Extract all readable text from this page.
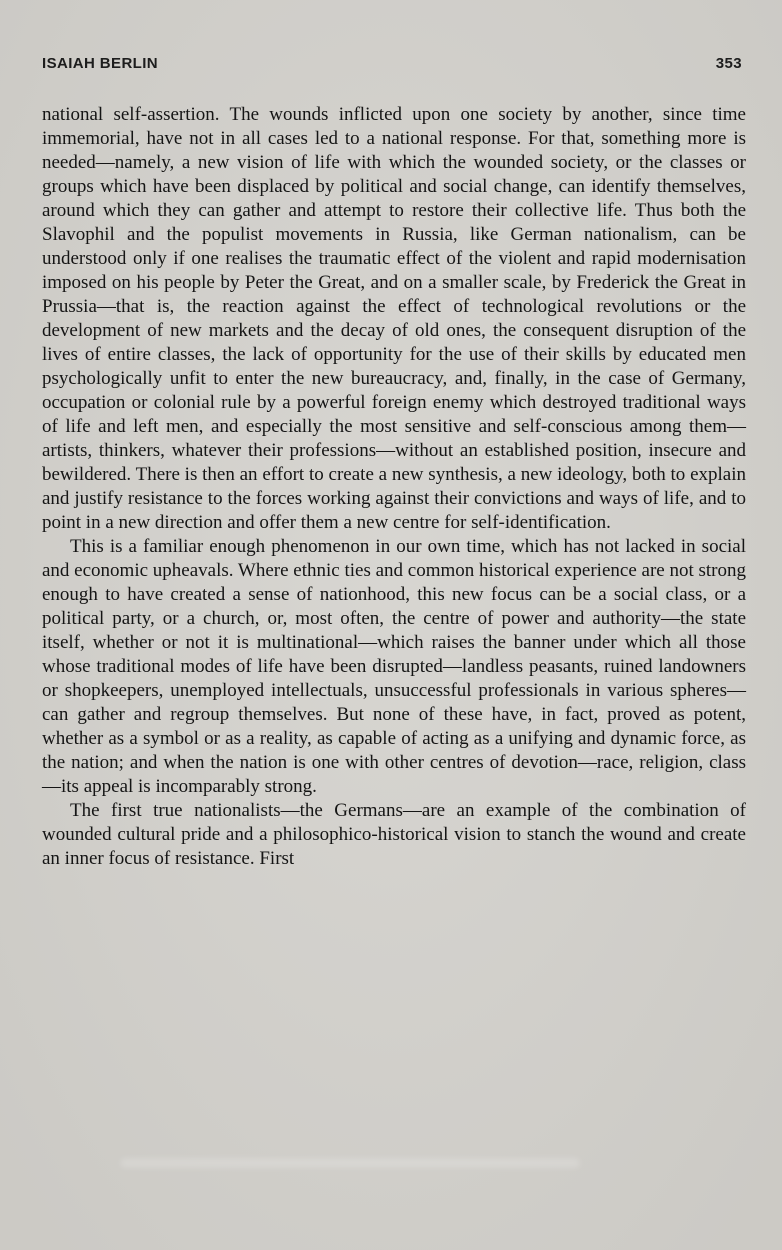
ISAIAH BERLIN	353

national self-assertion. The wounds inflicted upon one society by another, since time immemorial, have not in all cases led to a national response. For that, something more is needed—namely, a new vision of life with which the wounded society, or the classes or groups which have been displaced by political and social change, can identify themselves, around which they can gather and attempt to restore their collective life. Thus both the Slavophil and the populist movements in Russia, like German nationalism, can be understood only if one realises the traumatic effect of the violent and rapid modernisation imposed on his people by Peter the Great, and on a smaller scale, by Frederick the Great in Prussia—that is, the reaction against the effect of technological revolutions or the development of new markets and the decay of old ones, the consequent disruption of the lives of entire classes, the lack of opportunity for the use of their skills by educated men psychologically unfit to enter the new bureaucracy, and, finally, in the case of Germany, occupation or colonial rule by a powerful foreign enemy which destroyed traditional ways of life and left men, and especially the most sensitive and self-conscious among them—artists, thinkers, whatever their professions—without an established position, insecure and bewildered. There is then an effort to create a new synthesis, a new ideology, both to explain and justify resistance to the forces working against their convictions and ways of life, and to point in a new direction and offer them a new centre for self-identification.

This is a familiar enough phenomenon in our own time, which has not lacked in social and economic upheavals. Where ethnic ties and common historical experience are not strong enough to have created a sense of nationhood, this new focus can be a social class, or a political party, or a church, or, most often, the centre of power and authority—the state itself, whether or not it is multinational—which raises the banner under which all those whose traditional modes of life have been disrupted—landless peasants, ruined landowners or shopkeepers, unemployed intellectuals, unsuccessful professionals in various spheres—can gather and regroup themselves. But none of these have, in fact, proved as potent, whether as a symbol or as a reality, as capable of acting as a unifying and dynamic force, as the nation; and when the nation is one with other centres of devotion—race, religion, class—its appeal is incomparably strong.

The first true nationalists—the Germans—are an example of the combination of wounded cultural pride and a philosophico-historical vision to stanch the wound and create an inner focus of resistance. First
